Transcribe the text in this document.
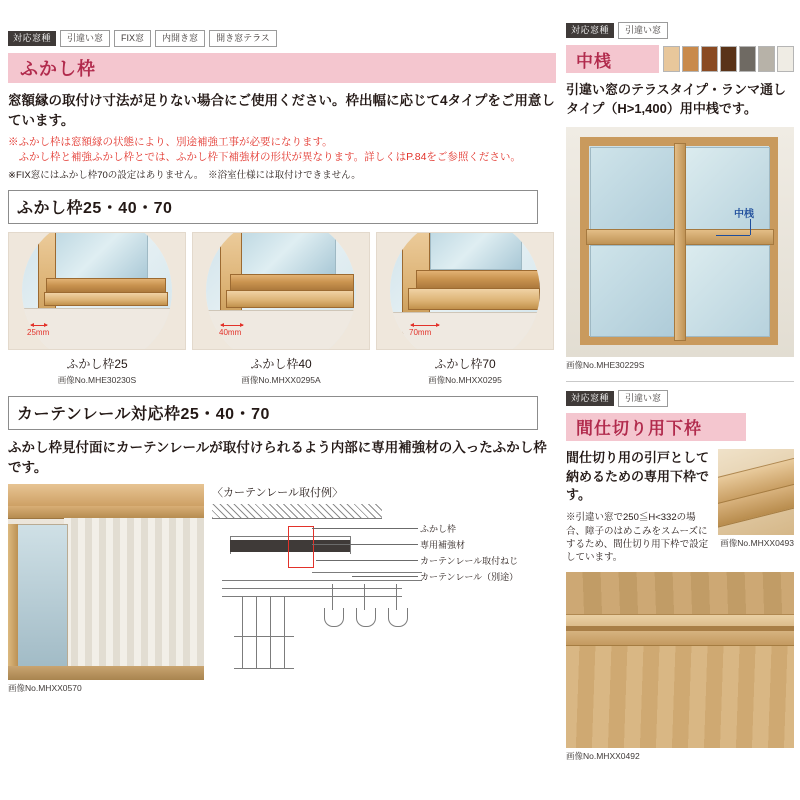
対応窓種	引違い窓	FIX窓	内開き窓	開き窓テラス
ふかし枠
窓額縁の取付け寸法が足りない場合にご使用ください。枠出幅に応じて4タイプをご用意しています。
※ふかし枠は窓額縁の状態により、別途補強工事が必要になります。
　ふかし枠と補強ふかし枠とでは、ふかし枠下補強材の形状が異なります。詳しくはP.84をご参照ください。
※FIX窓にはふかし枠70の設定はありません。　※浴室仕様には取付けできません。
ふかし枠25・40・70
25mm
ふかし枠25
画像No.MHE30230S
40mm
ふかし枠40
画像No.MHXX0295A
70mm
ふかし枠70
画像No.MHXX0295
カーテンレール対応枠25・40・70
ふかし枠見付面にカーテンレールが取付けられるよう内部に専用補強材の入ったふかし枠です。
画像No.MHXX0570
〈カーテンレール取付例〉
ふかし枠
専用補強材
カーテンレール取付ねじ
カーテンレール（別途）
対応窓種	引違い窓
中桟
引違い窓のテラスタイプ・ランマ通しタイプ（H>1,400）用中桟です。
中桟
画像No.MHE30229S
対応窓種	引違い窓
間仕切り用下枠
間仕切り用の引戸として納めるための専用下枠です。
※引違い窓で250≦H<332の場合、障子のはめこみをスムーズにするため、間仕切り用下枠で設定しています。
画像No.MHXX0493
画像No.MHXX0492
